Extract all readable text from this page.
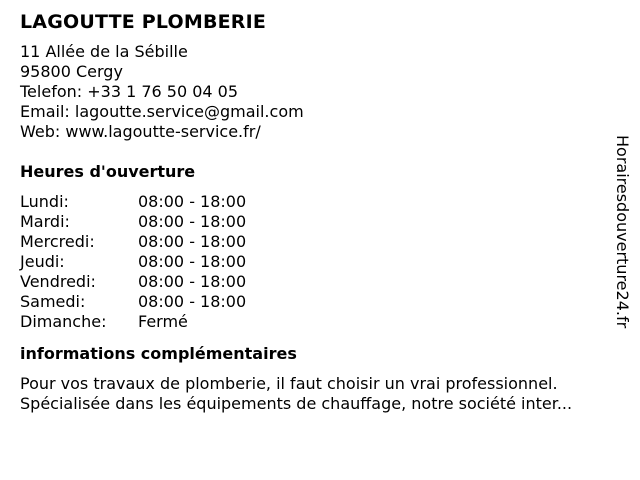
LAGOUTTE PLOMBERIE
11 Allée de la Sébille
95800 Cergy
Telefon: +33 1 76 50 04 05
Email: lagoutte.service@gmail.com
Web: www.lagoutte-service.fr/
Heures d'ouverture
Lundi:	08:00 - 18:00
Mardi:	08:00 - 18:00
Mercredi:	08:00 - 18:00
Jeudi:	08:00 - 18:00
Vendredi:	08:00 - 18:00
Samedi:	08:00 - 18:00
Dimanche:	Fermé
informations complémentaires
Pour vos travaux de plomberie, il faut choisir un vrai professionnel.
Spécialisée dans les équipements de chauffage, notre société inter...
Horairesdouverture24.fr
